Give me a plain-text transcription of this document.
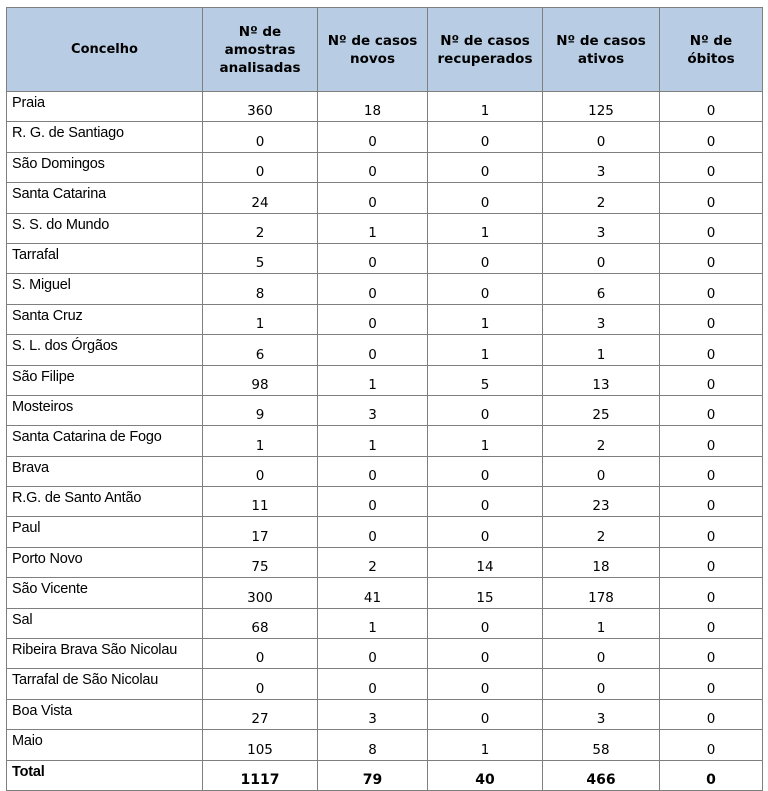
Concelho	Nº de amostras analisadas	Nº de casos novos	Nº de casos recuperados	Nº de casos ativos	Nº de óbitos
Praia	360	18	1	125	0
R. G. de Santiago	0	0	0	0	0
São Domingos	0	0	0	3	0
Santa Catarina	24	0	0	2	0
S. S. do Mundo	2	1	1	3	0
Tarrafal	5	0	0	0	0
S. Miguel	8	0	0	6	0
Santa Cruz	1	0	1	3	0
S. L. dos Órgãos	6	0	1	1	0
São Filipe	98	1	5	13	0
Mosteiros	9	3	0	25	0
Santa Catarina de Fogo	1	1	1	2	0
Brava	0	0	0	0	0
R.G. de Santo Antão	11	0	0	23	0
Paul	17	0	0	2	0
Porto Novo	75	2	14	18	0
São Vicente	300	41	15	178	0
Sal	68	1	0	1	0
Ribeira Brava São Nicolau	0	0	0	0	0
Tarrafal de São Nicolau	0	0	0	0	0
Boa Vista	27	3	0	3	0
Maio	105	8	1	58	0
Total	1117	79	40	466	0
